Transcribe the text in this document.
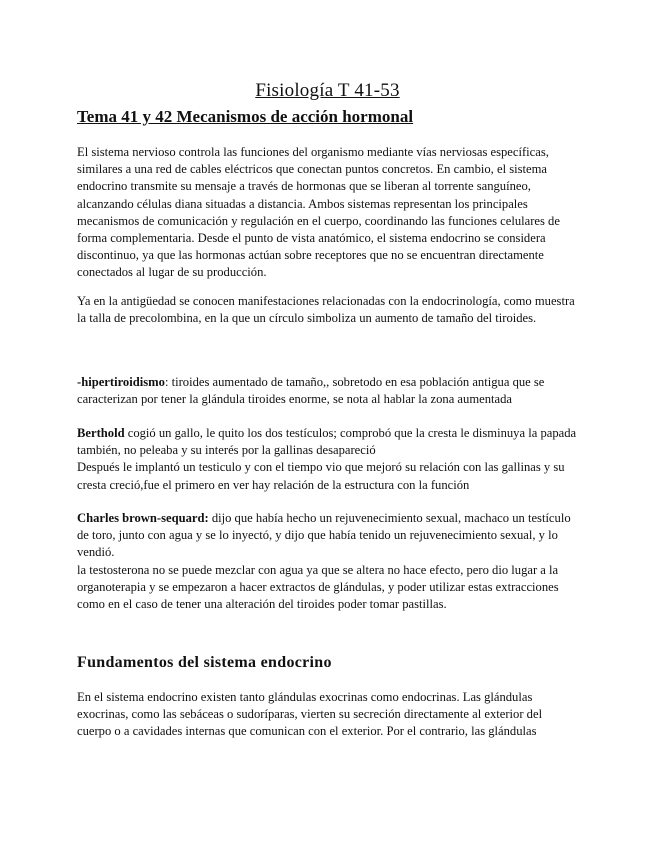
Fisiología T 41-53
Tema 41 y 42 Mecanismos de acción hormonal

El sistema nervioso controla las funciones del organismo mediante vías nerviosas específicas, similares a una red de cables eléctricos que conectan puntos concretos. En cambio, el sistema endocrino transmite su mensaje a través de hormonas que se liberan al torrente sanguíneo, alcanzando células diana situadas a distancia. Ambos sistemas representan los principales mecanismos de comunicación y regulación en el cuerpo, coordinando las funciones celulares de forma complementaria. Desde el punto de vista anatómico, el sistema endocrino se considera discontinuo, ya que las hormonas actúan sobre receptores que no se encuentran directamente conectados al lugar de su producción.

Ya en la antigüedad se conocen manifestaciones relacionadas con la endocrinología, como muestra la talla de precolombina, en la que un círculo simboliza un aumento de tamaño del tiroides.

-hipertiroidismo: tiroides aumentado de tamaño,, sobretodo en esa población antigua que se caracterizan por tener la glándula tiroides enorme, se nota al hablar la zona aumentada

Berthold cogió un gallo, le quito los dos testículos; comprobó que la cresta le disminuya la papada también, no peleaba y su interés por la gallinas desapareció
Después le implantó un testiculo y con el tiempo vio que mejoró su relación con las gallinas y su cresta creció,fue el primero en ver hay relación de la estructura con la función

Charles brown-sequard: dijo que había hecho un rejuvenecimiento sexual, machaco un testículo de toro, junto con agua y se lo inyectó, y dijo que había tenido un rejuvenecimiento sexual, y lo vendió.
la testosterona no se puede mezclar con agua ya que se altera no hace efecto, pero dio lugar a la organoterapia y se empezaron a hacer extractos de glándulas, y poder utilizar estas extracciones como en el caso de tener una alteración del tiroides poder tomar pastillas.

Fundamentos del sistema endocrino

En el sistema endocrino existen tanto glándulas exocrinas como endocrinas. Las glándulas exocrinas, como las sebáceas o sudoríparas, vierten su secreción directamente al exterior del cuerpo o a cavidades internas que comunican con el exterior. Por el contrario, las glándulas
